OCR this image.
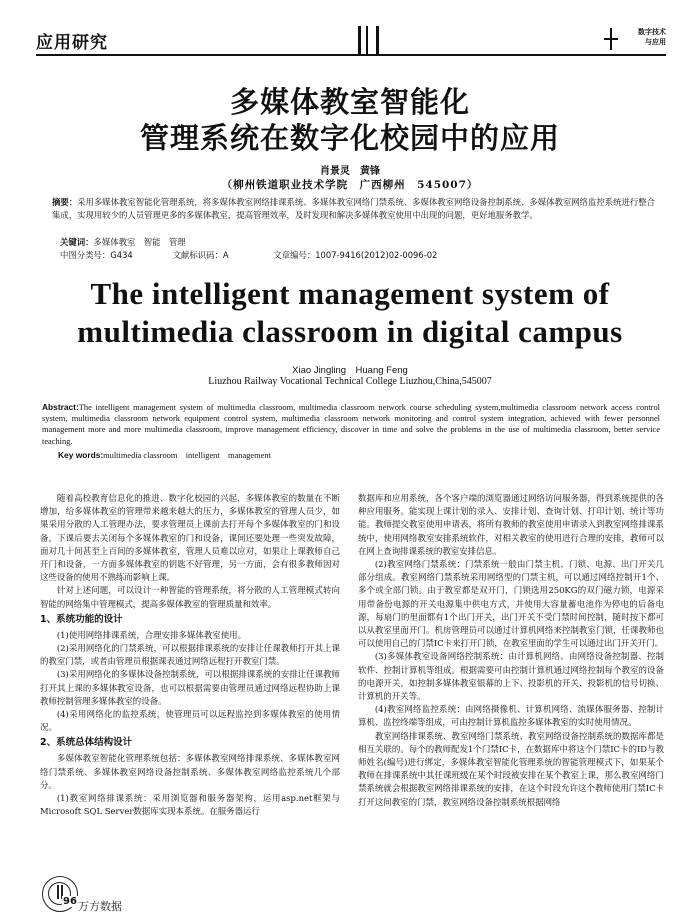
应用研究
数字技术
与应用
多媒体教室智能化
管理系统在数字化校园中的应用
肖景灵　黄锋
（柳州铁道职业技术学院　广西柳州　545007）
摘要：采用多媒体教室智能化管理系统，将多媒体教室网络排课系统、多媒体教室网络门禁系统、多媒体教室网络设备控制系统、多媒体教室网络监控系统进行整合集成，实现用较少的人员管理更多的多媒体教室，提高管理效率，及时发现和解决多媒体教室使用中出现的问题，更好地服务教学。
关键词：多媒体教室　智能　管理
中图分类号：G434	文献标识码：A	文章编号：1007-9416(2012)02-0096-02
The intelligent management system of
multimedia classroom in digital campus
Xiao Jingling　Huang Feng
Liuzhou Railway Vocational Technical College Liuzhou,China,545007
Abstract:The intelligent management system of multimedia classroom, multimedia classroom network course scheduling system,multimedia classroom network access control system, multimedia classroom network equipment control system, multimedia classroom network monitoring and control system integration, achieved with fewer personnel management more and more multimedia classroom, improve management efficiency, discover in time and solve the problems in the use of multimedia classroom, better service teaching.
Key words:multimedia classroom　intelligent　management

随着高校教育信息化的推进、数字化校园的兴起，多媒体教室的数量在不断增加，给多媒体教室的管理带来越来越大的压力，多媒体教室的管理人员少，如果采用分散的人工管理办法，要求管理员上课前去打开每个多媒体教室的门和设备，下课后要去关闭每个多媒体教室的门和设备，课间还要处理一些突发故障，面对几十间甚至上百间的多媒体教室，管理人员难以应对，如果让上课教师自己开门和设备，一方面多媒体教室的钥匙不好管理，另一方面，会有很多教师因对这些设备的使用不熟练而影响上课。

针对上述问题，可以设计一种智能的管理系统，将分散的人工管理模式转向智能的网络集中管理模式，提高多媒体教室的管理质量和效率。

1、系统功能的设计

(1)使用网络排课系统，合理安排多媒体教室使用。

(2)采用网络化的门禁系统，可以根据排课系统的安排让任课教师打开其上课的教室门禁，或者由管理员根据课表通过网络远程打开教室门禁。

(3)采用网络化的多媒体设备控制系统，可以根据排课系统的安排让任课教师打开其上课的多媒体教室设备，也可以根据需要由管理员通过网络远程协助上课教师控制管理多媒体教室的设备。

(4)采用网络化的监控系统，使管理员可以远程监控到多媒体教室的使用情况。

2、系统总体结构设计

多媒体教室智能化管理系统包括：多媒体教室网络排课系统、多媒体教室网络门禁系统、多媒体教室网络设备控制系统、多媒体教室网络监控系统几个部分。

(1)教室网络排课系统：采用浏览器和服务器架构，运用asp.net框架与 Microsoft SQL Server数据库实现本系统。在服务器运行

数据库和应用系统，各个客户端的浏览器通过网络访问服务器，得到系统提供的各种应用服务。能实现上课计划的录入、安排计划、查询计划、打印计划、统计等功能。教师提交教室使用申请表，将所有教师的教室使用申请录入到教室网络排课系统中，使用网络教室安排系统软件，对相关教室的使用进行合理的安排，教师可以在网上查询排课系统的教室安排信息。

(2)教室网络门禁系统：门禁系统一般由门禁主机、门锁、电源、出门开关几部分组成。教室网络门禁系统采用网络型的门禁主机，可以通过网络控制开1个、多个或全部门锁。由于教室都是双开门，门锁选用250KG的双门磁力锁，电源采用带备份电源的开关电源集中供电方式，并使用大容量蓄电池作为停电的后备电源，每扇门的里面都有1个出门开关，出门开关不受门禁时间控制，随时按下都可以从教室里面开门。机房管理员可以通过计算机网络来控制教室门锁，任课教师也可以使用自己的门禁IC卡来打开门锁，在教室里面的学生可以通过出门开关开门。

(3)多媒体教室设备网络控制系统：由计算机网络、由网络设备控制器、控制软件、控制计算机等组成。根据需要可由控制计算机通过网络控制每个教室的设备的电源开关，如控制多媒体教室银幕的上下、投影机的开关、投影机的信号切换、计算机的开关等。

(4)教室网络监控系统：由网络摄像机、计算机网络、流媒体服务器、控制计算机、监控终端等组成，可由控制计算机监控多媒体教室的实时使用情况。

教室网络排课系统、教室网络门禁系统、教室网络设备控制系统的数据库都是相互关联的。每个的教师配发1个门禁IC卡，在数据库中将这个门禁IC卡的ID与教师姓名(编号)进行绑定，多媒体教室智能化管理系统的智能管理模式下，如果某个教师在排课系统中其任课班级在某个时段被安排在某个教室上课，那么教室网络门禁系统就会根据教室网络排课系统的安排，在这个时段允许这个教师使用门禁IC卡打开这间教室的门禁，教室网络设备控制系统根据网络

96 万方数据
